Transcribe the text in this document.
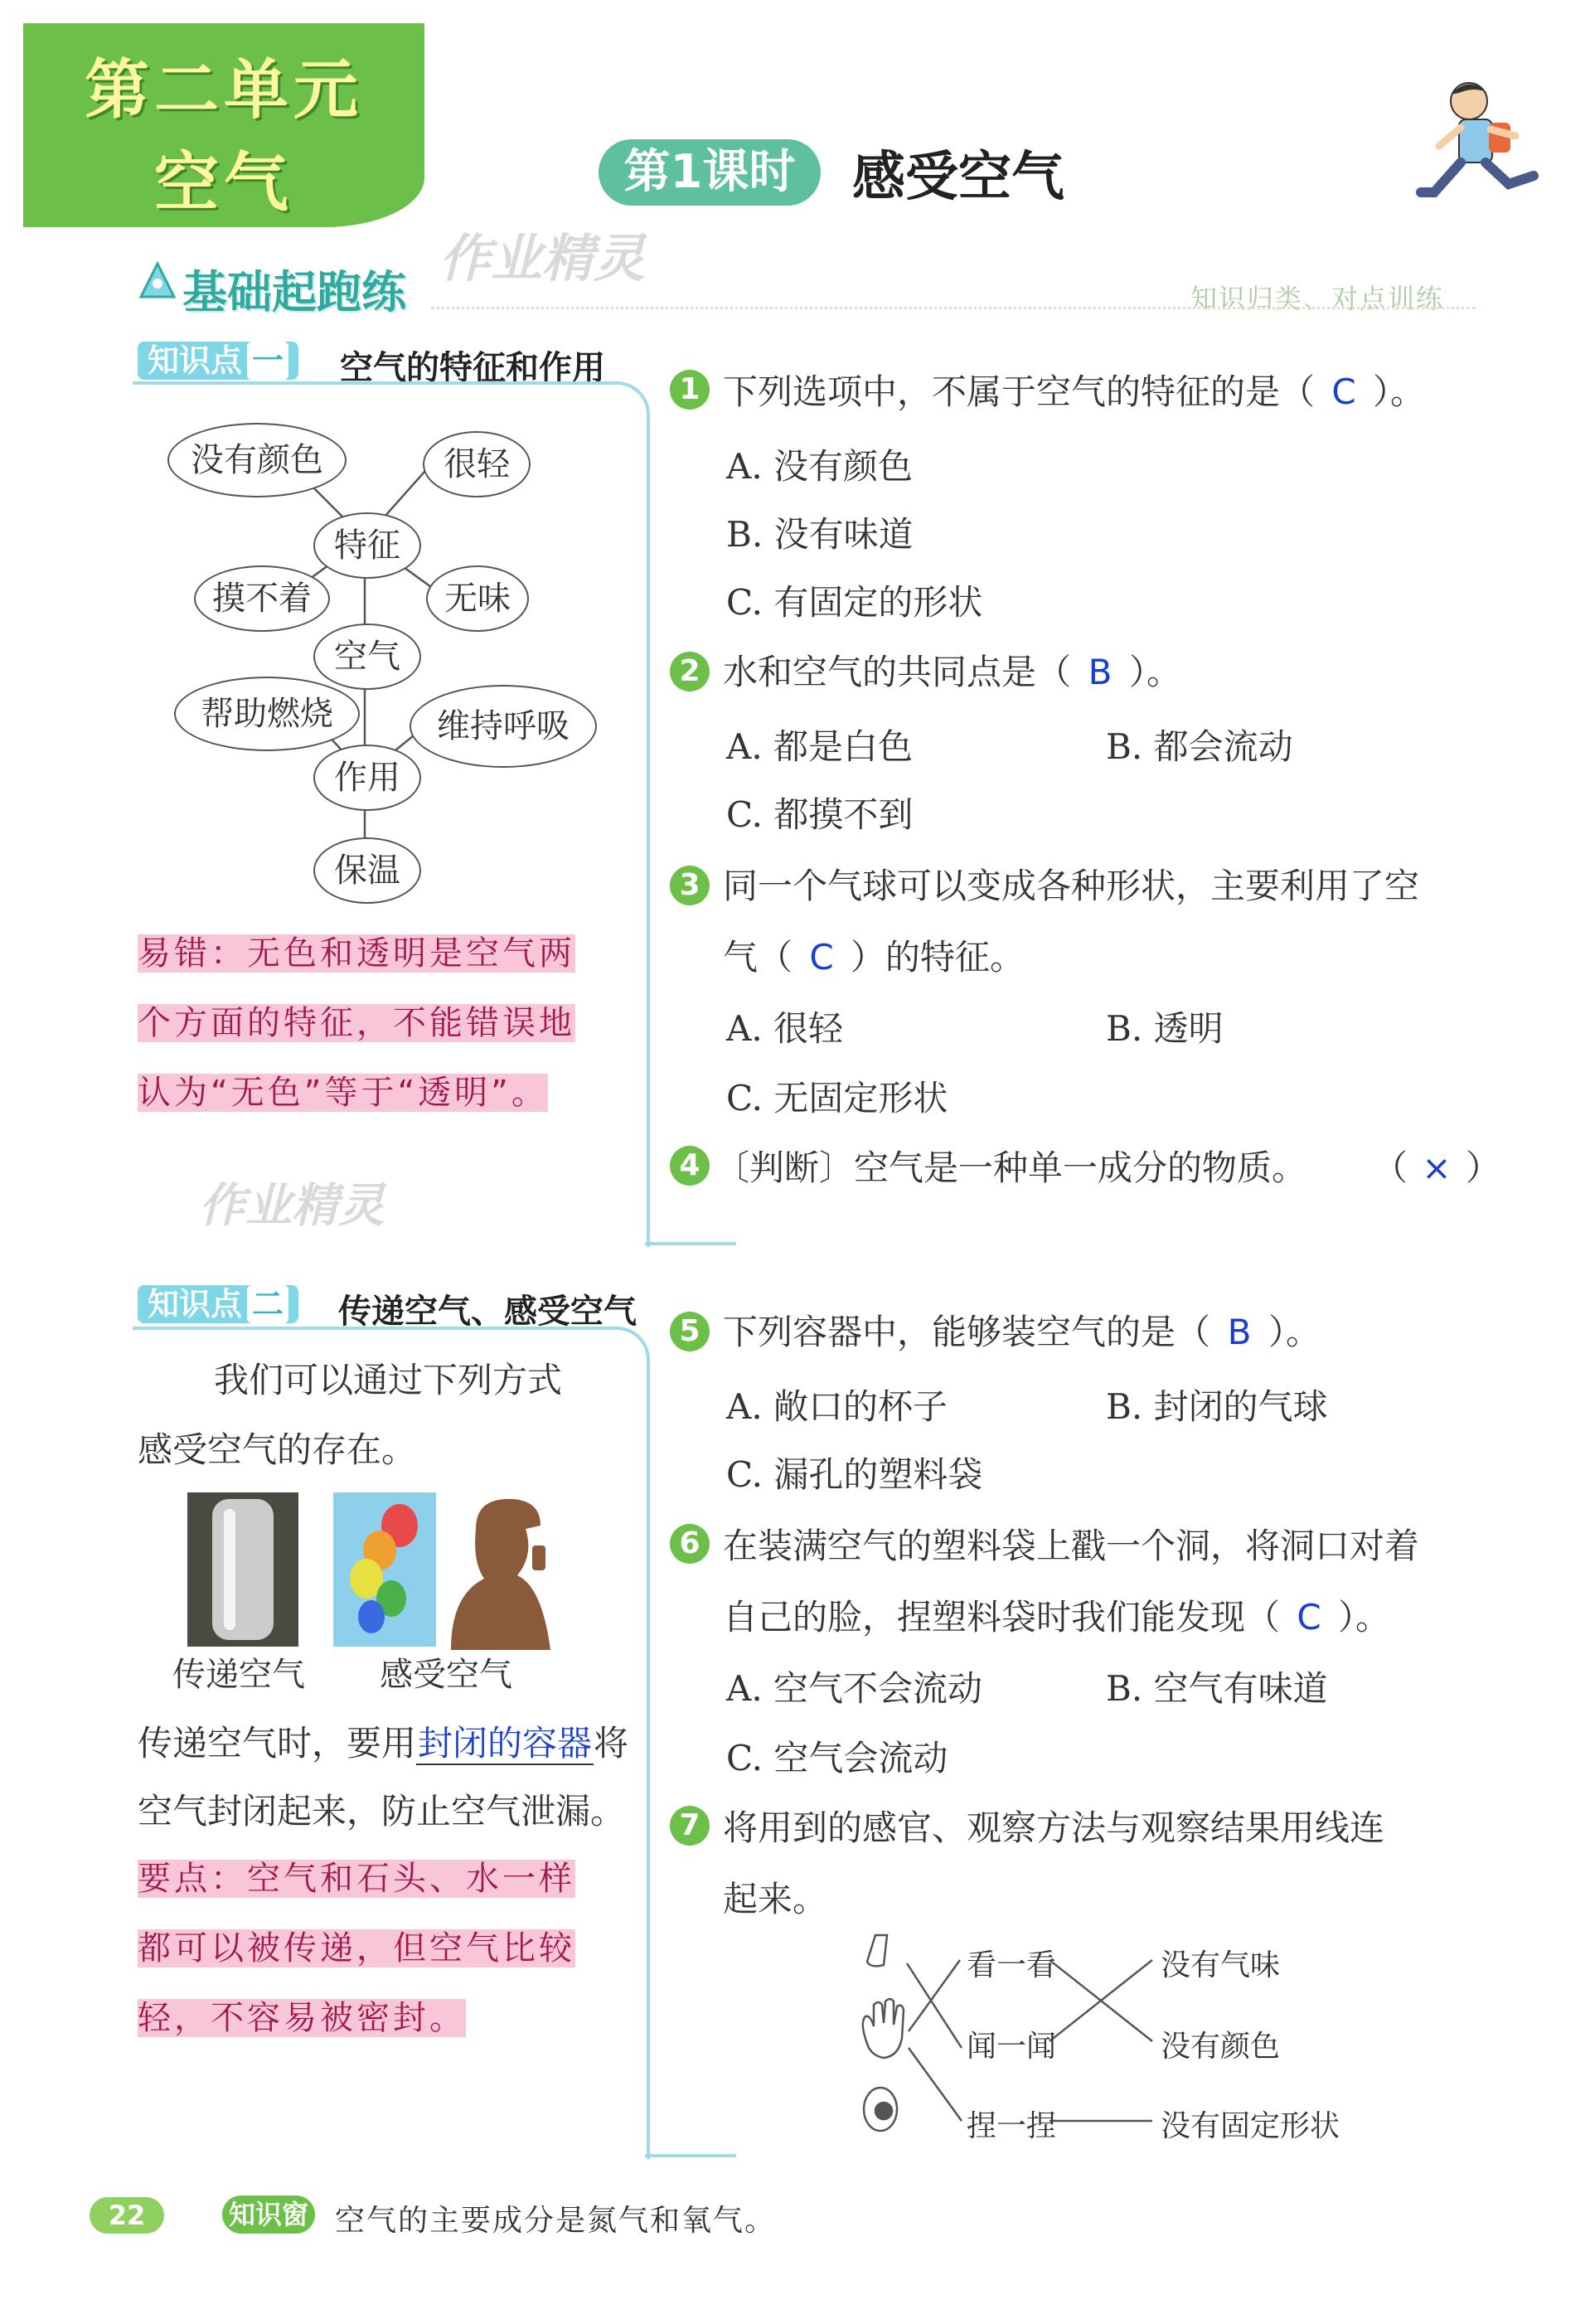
第二单元
空气
作业精灵
第1课时	感受空气
基础起跑练	知识归类、对点训练
知识点 一	空气的特征和作用
没有颜色	很轻
特征
摸不着	无味
空气
帮助燃烧	维持呼吸
作用
保温
易错：无色和透明是空气两
个方面的特征，不能错误地
认为“无色”等于“透明”。
作业精灵
知识点 二	传递空气、感受空气
我们可以通过下列方式
感受空气的存在。
传递空气 感受空气
传递空气时，要用封闭的容器将
空气封闭起来，防止空气泄漏。
要点：空气和石头、水一样
都可以被传递，但空气比较
轻，不容易被密封。
1 下列选项中，不属于空气的特征的是（ C ）。
A. 没有颜色
B. 没有味道
C. 有固定的形状
2 水和空气的共同点是（ B ）。
A. 都是白色	B. 都会流动
C. 都摸不到
3 同一个气球可以变成各种形状，主要利用了空
气（ C ）的特征。
A. 很轻	B. 透明
C. 无固定形状
4 〔判断〕空气是一种单一成分的物质。 （ × ）
5 下列容器中，能够装空气的是（ B ）。
A. 敞口的杯子	B. 封闭的气球
C. 漏孔的塑料袋
6 在装满空气的塑料袋上戳一个洞，将洞口对着
自己的脸，捏塑料袋时我们能发现（ C ）。
A. 空气不会流动	B. 空气有味道
C. 空气会流动
7 将用到的感官、观察方法与观察结果用线连
起来。
看一看
闻一闻
捏一捏
没有气味
没有颜色
没有固定形状
22	知识窗 空气的主要成分是氮气和氧气。
